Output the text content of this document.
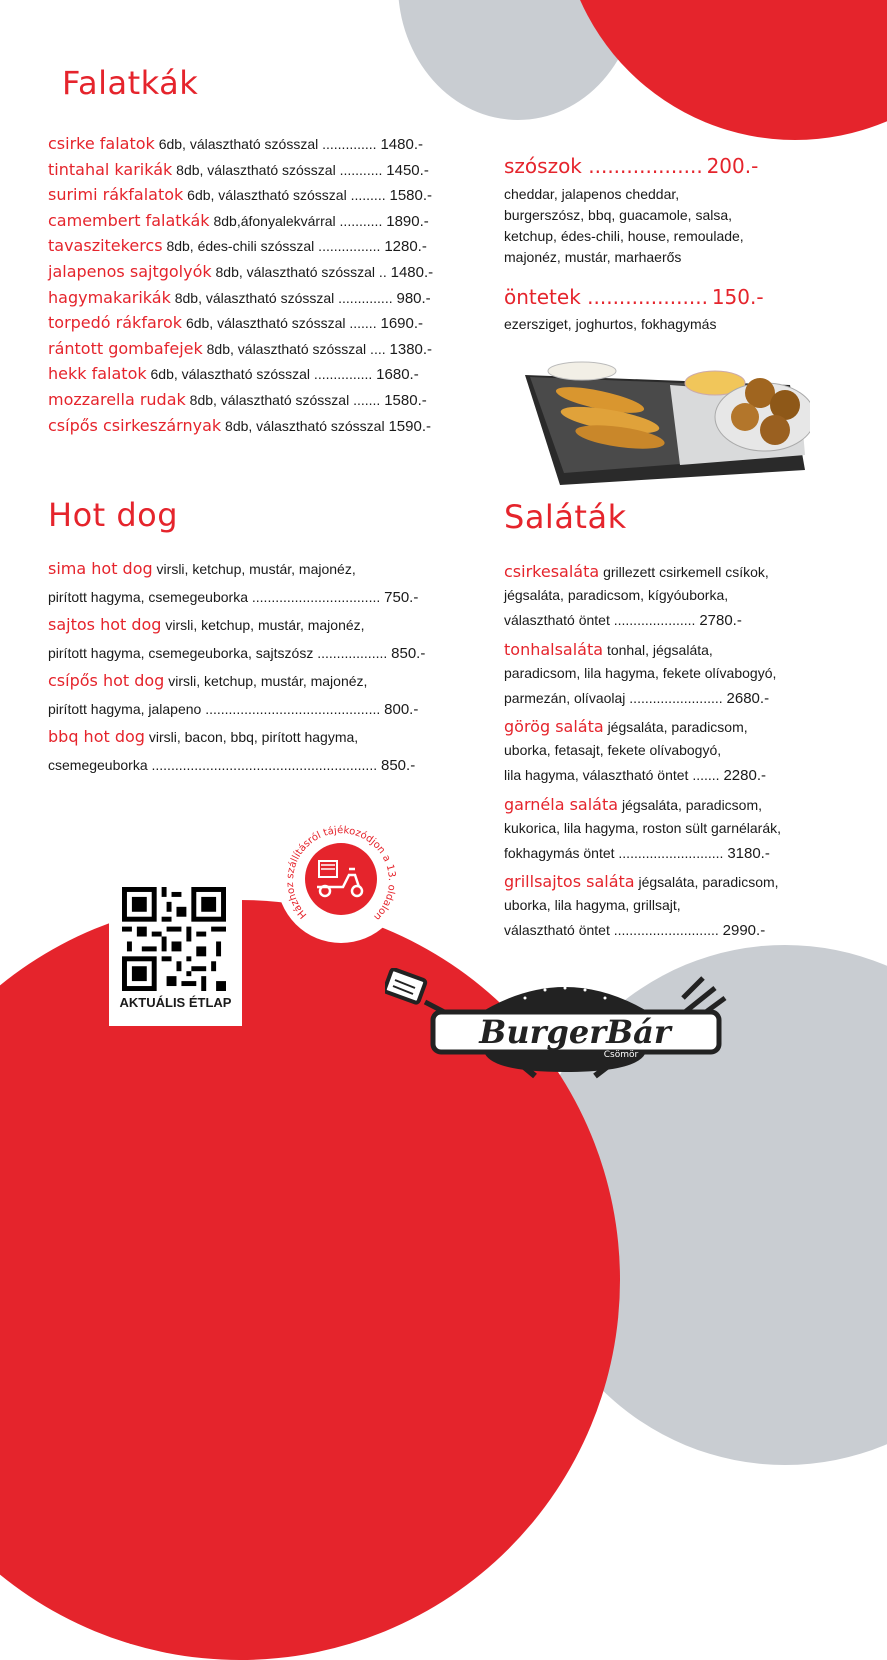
Falatkák
csirke falatok 6db, választható szósszal .............. 1480.-
tintahal karikák 8db, választható szósszal ........... 1450.-
surimi rákfalatok 6db, választható szósszal ......... 1580.-
camembert falatkák 8db,áfonyalekvárral ........... 1890.-
tavaszitekercs 8db, édes-chili szósszal ................ 1280.-
jalapenos sajtgolyók 8db, választható szósszal .. 1480.-
hagymakarikák 8db, választható szósszal .............. 980.-
torpedó rákfarok 6db, választható szósszal ....... 1690.-
rántott gombafejek 8db, választható szósszal .... 1380.-
hekk falatok 6db, választható szósszal ............... 1680.-
mozzarella rudak 8db, választható szósszal ....... 1580.-
csípős csirkeszárnyak 8db, választható szósszal 1590.-
szószok .................. 200.-
cheddar, jalapenos cheddar,
burgerszósz, bbq, guacamole, salsa,
ketchup, édes-chili, house, remoulade,
majonéz, mustár, marhaerős
öntetek ................... 150.-
ezersziget, joghurtos, fokhagymás
Hot dog
sima hot dog virsli, ketchup, mustár, majonéz,
pirított hagyma, csemegeuborka ................................. 750.-
sajtos hot dog virsli, ketchup, mustár, majonéz,
pirított hagyma, csemegeuborka, sajtszósz .................. 850.-
csípős hot dog virsli, ketchup, mustár, majonéz,
pirított hagyma, jalapeno ............................................. 800.-
bbq hot dog virsli, bacon, bbq, pirított hagyma,
csemegeuborka .......................................................... 850.-
Saláták
csirkesaláta grillezett csirkemell csíkok,
jégsaláta, paradicsom, kígyóuborka,
választható öntet ..................... 2780.-
tonhalsaláta tonhal, jégsaláta,
paradicsom, lila hagyma, fekete olívabogyó,
parmezán, olívaolaj ........................ 2680.-
görög saláta jégsaláta, paradicsom,
uborka, fetasajt, fekete olívabogyó,
lila hagyma, választható öntet ....... 2280.-
garnéla saláta jégsaláta, paradicsom,
kukorica, lila hagyma, roston sült garnélarák,
fokhagymás öntet ........................... 3180.-
grillsajtos saláta jégsaláta, paradicsom,
uborka, lila hagyma, grillsajt,
választható öntet ........................... 2990.-
AKTUÁLIS ÉTLAP
Házhoz szállításról tájékozódjon a 13. oldalon
BurgerBár
Csömör
